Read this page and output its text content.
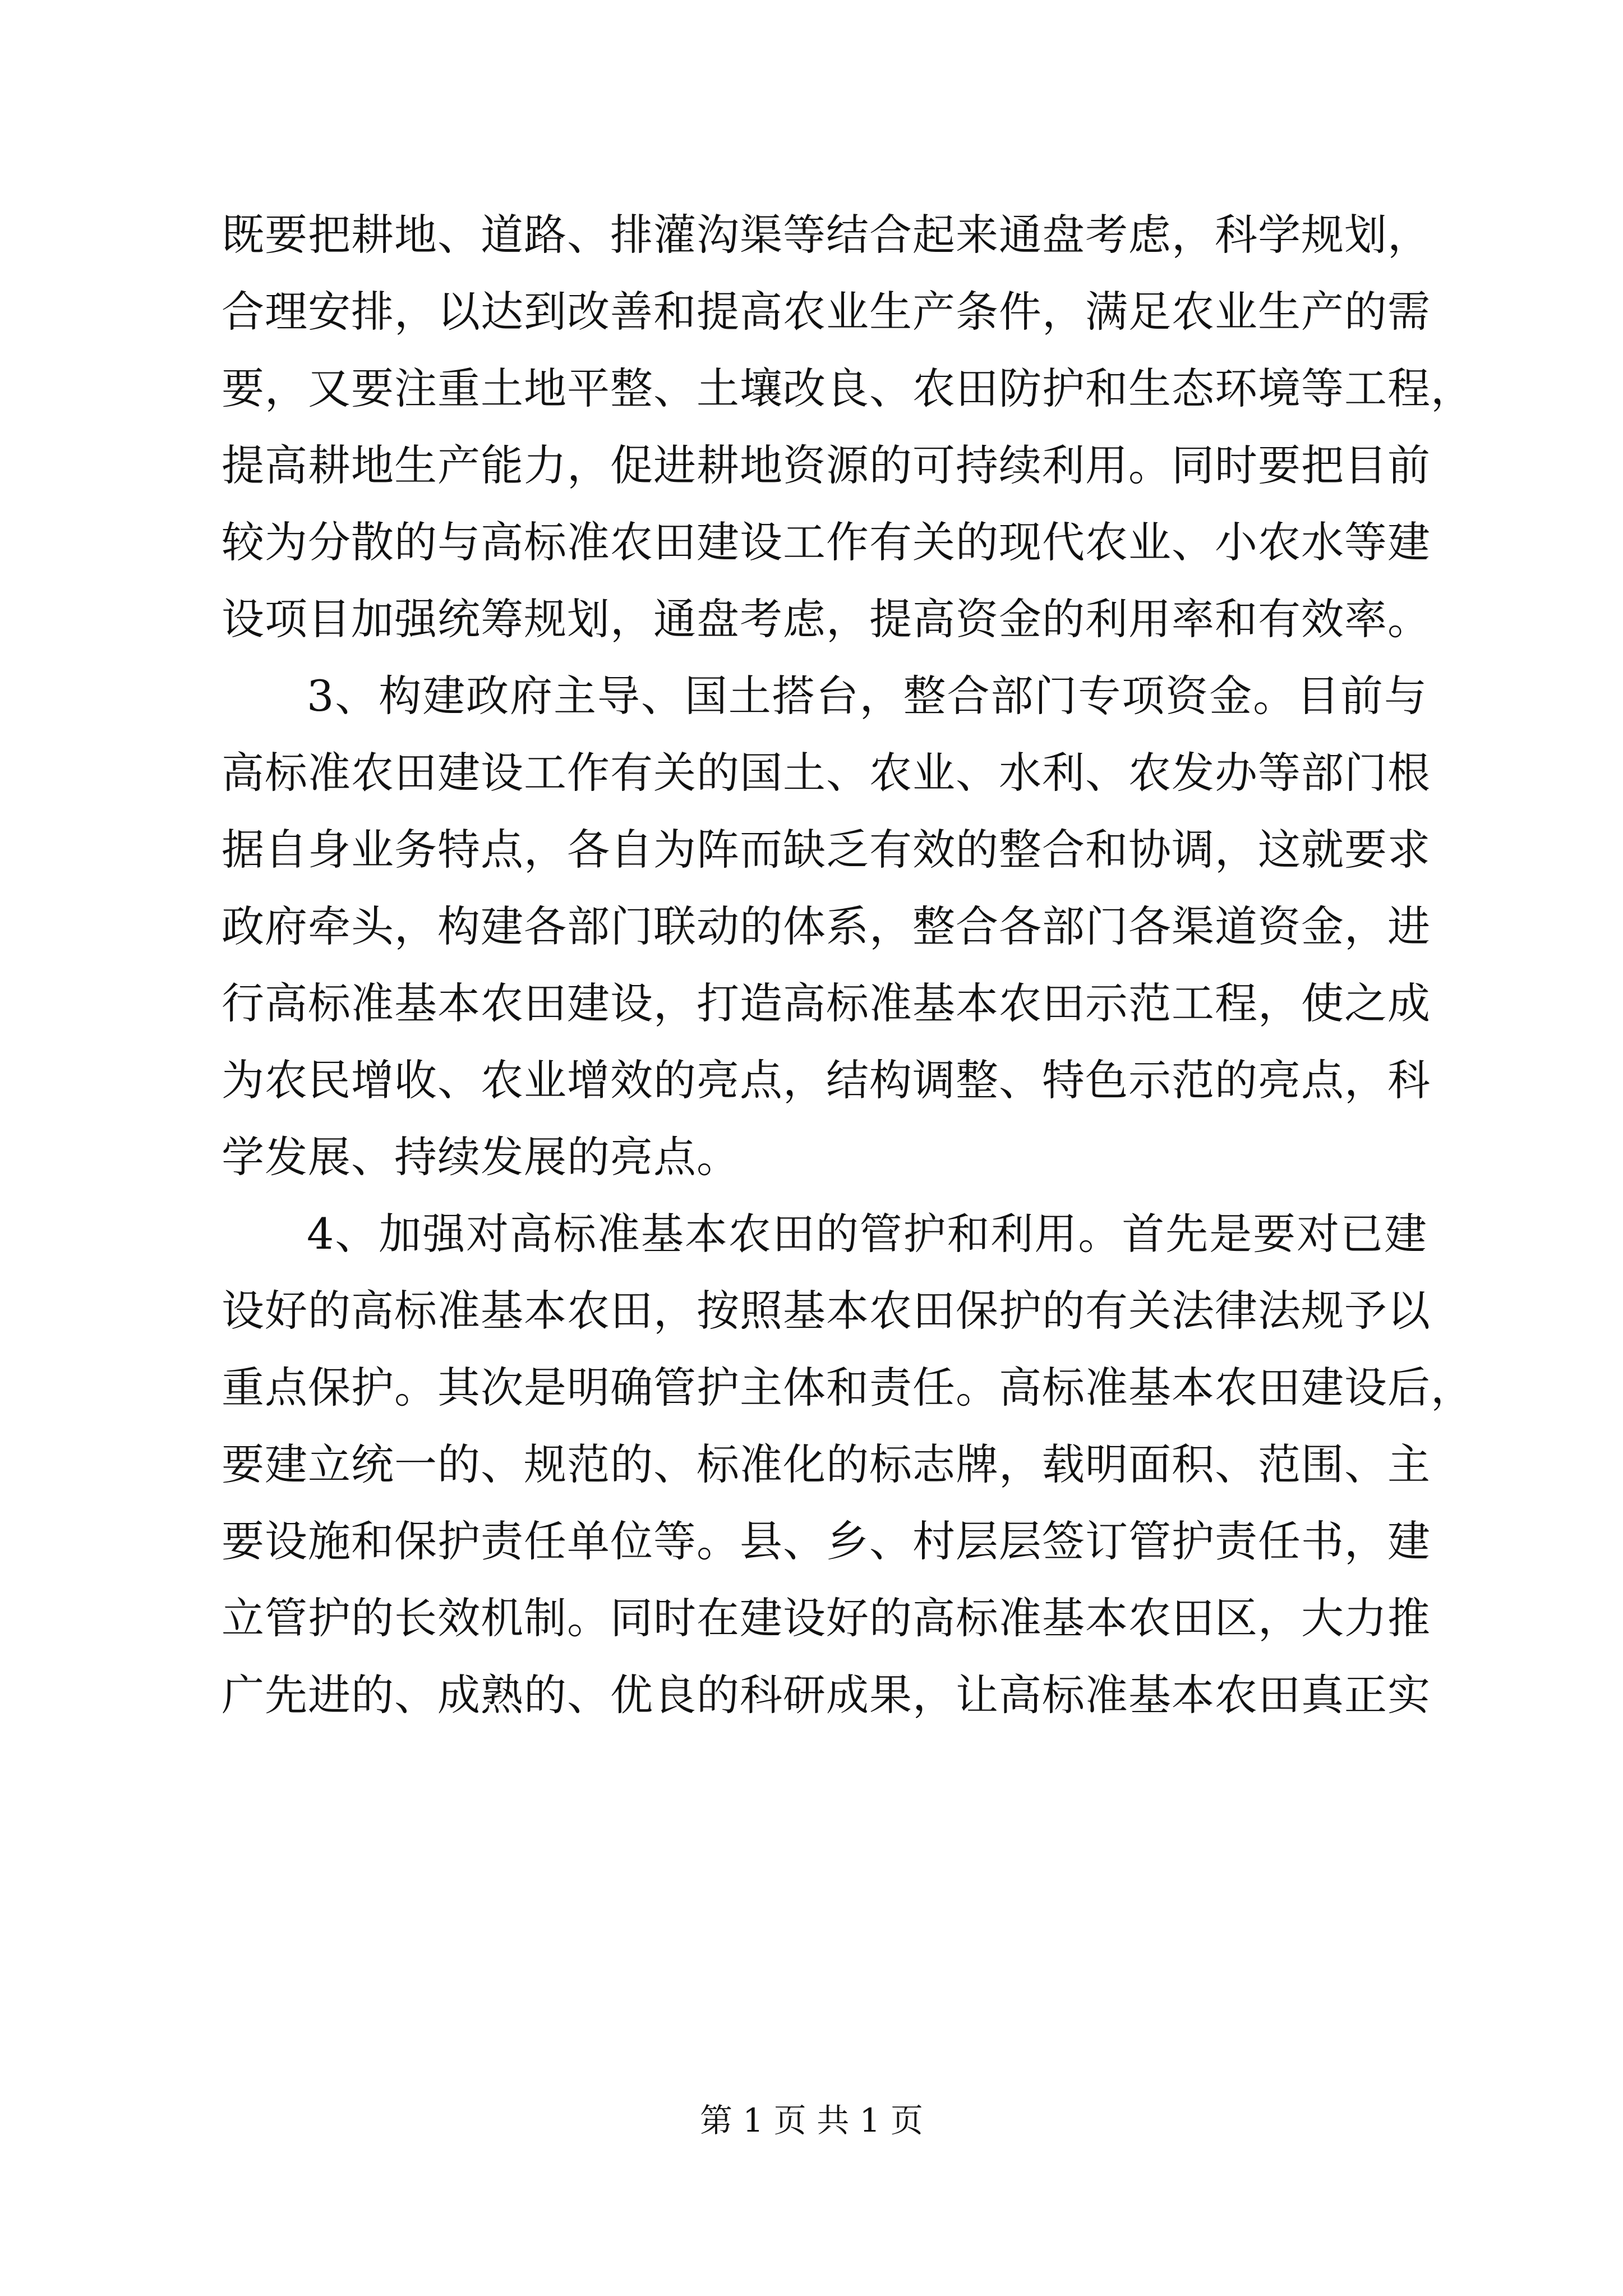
既要把耕地、道路、排灌沟渠等结合起来通盘考虑，科学规划，
合理安排，以达到改善和提高农业生产条件，满足农业生产的需
要，又要注重土地平整、土壤改良、农田防护和生态环境等工程，
提高耕地生产能力，促进耕地资源的可持续利用。同时要把目前
较为分散的与高标准农田建设工作有关的现代农业、小农水等建
设项目加强统筹规划，通盘考虑，提高资金的利用率和有效率。
3、构建政府主导、国土搭台，整合部门专项资金。目前与
高标准农田建设工作有关的国土、农业、水利、农发办等部门根
据自身业务特点，各自为阵而缺乏有效的整合和协调，这就要求
政府牵头，构建各部门联动的体系，整合各部门各渠道资金，进
行高标准基本农田建设，打造高标准基本农田示范工程，使之成
为农民增收、农业增效的亮点，结构调整、特色示范的亮点，科
学发展、持续发展的亮点。
4、加强对高标准基本农田的管护和利用。首先是要对已建
设好的高标准基本农田，按照基本农田保护的有关法律法规予以
重点保护。其次是明确管护主体和责任。高标准基本农田建设后，
要建立统一的、规范的、标准化的标志牌，载明面积、范围、主
要设施和保护责任单位等。县、乡、村层层签订管护责任书，建
立管护的长效机制。同时在建设好的高标准基本农田区，大力推
广先进的、成熟的、优良的科研成果，让高标准基本农田真正实
第 1 页 共 1 页
